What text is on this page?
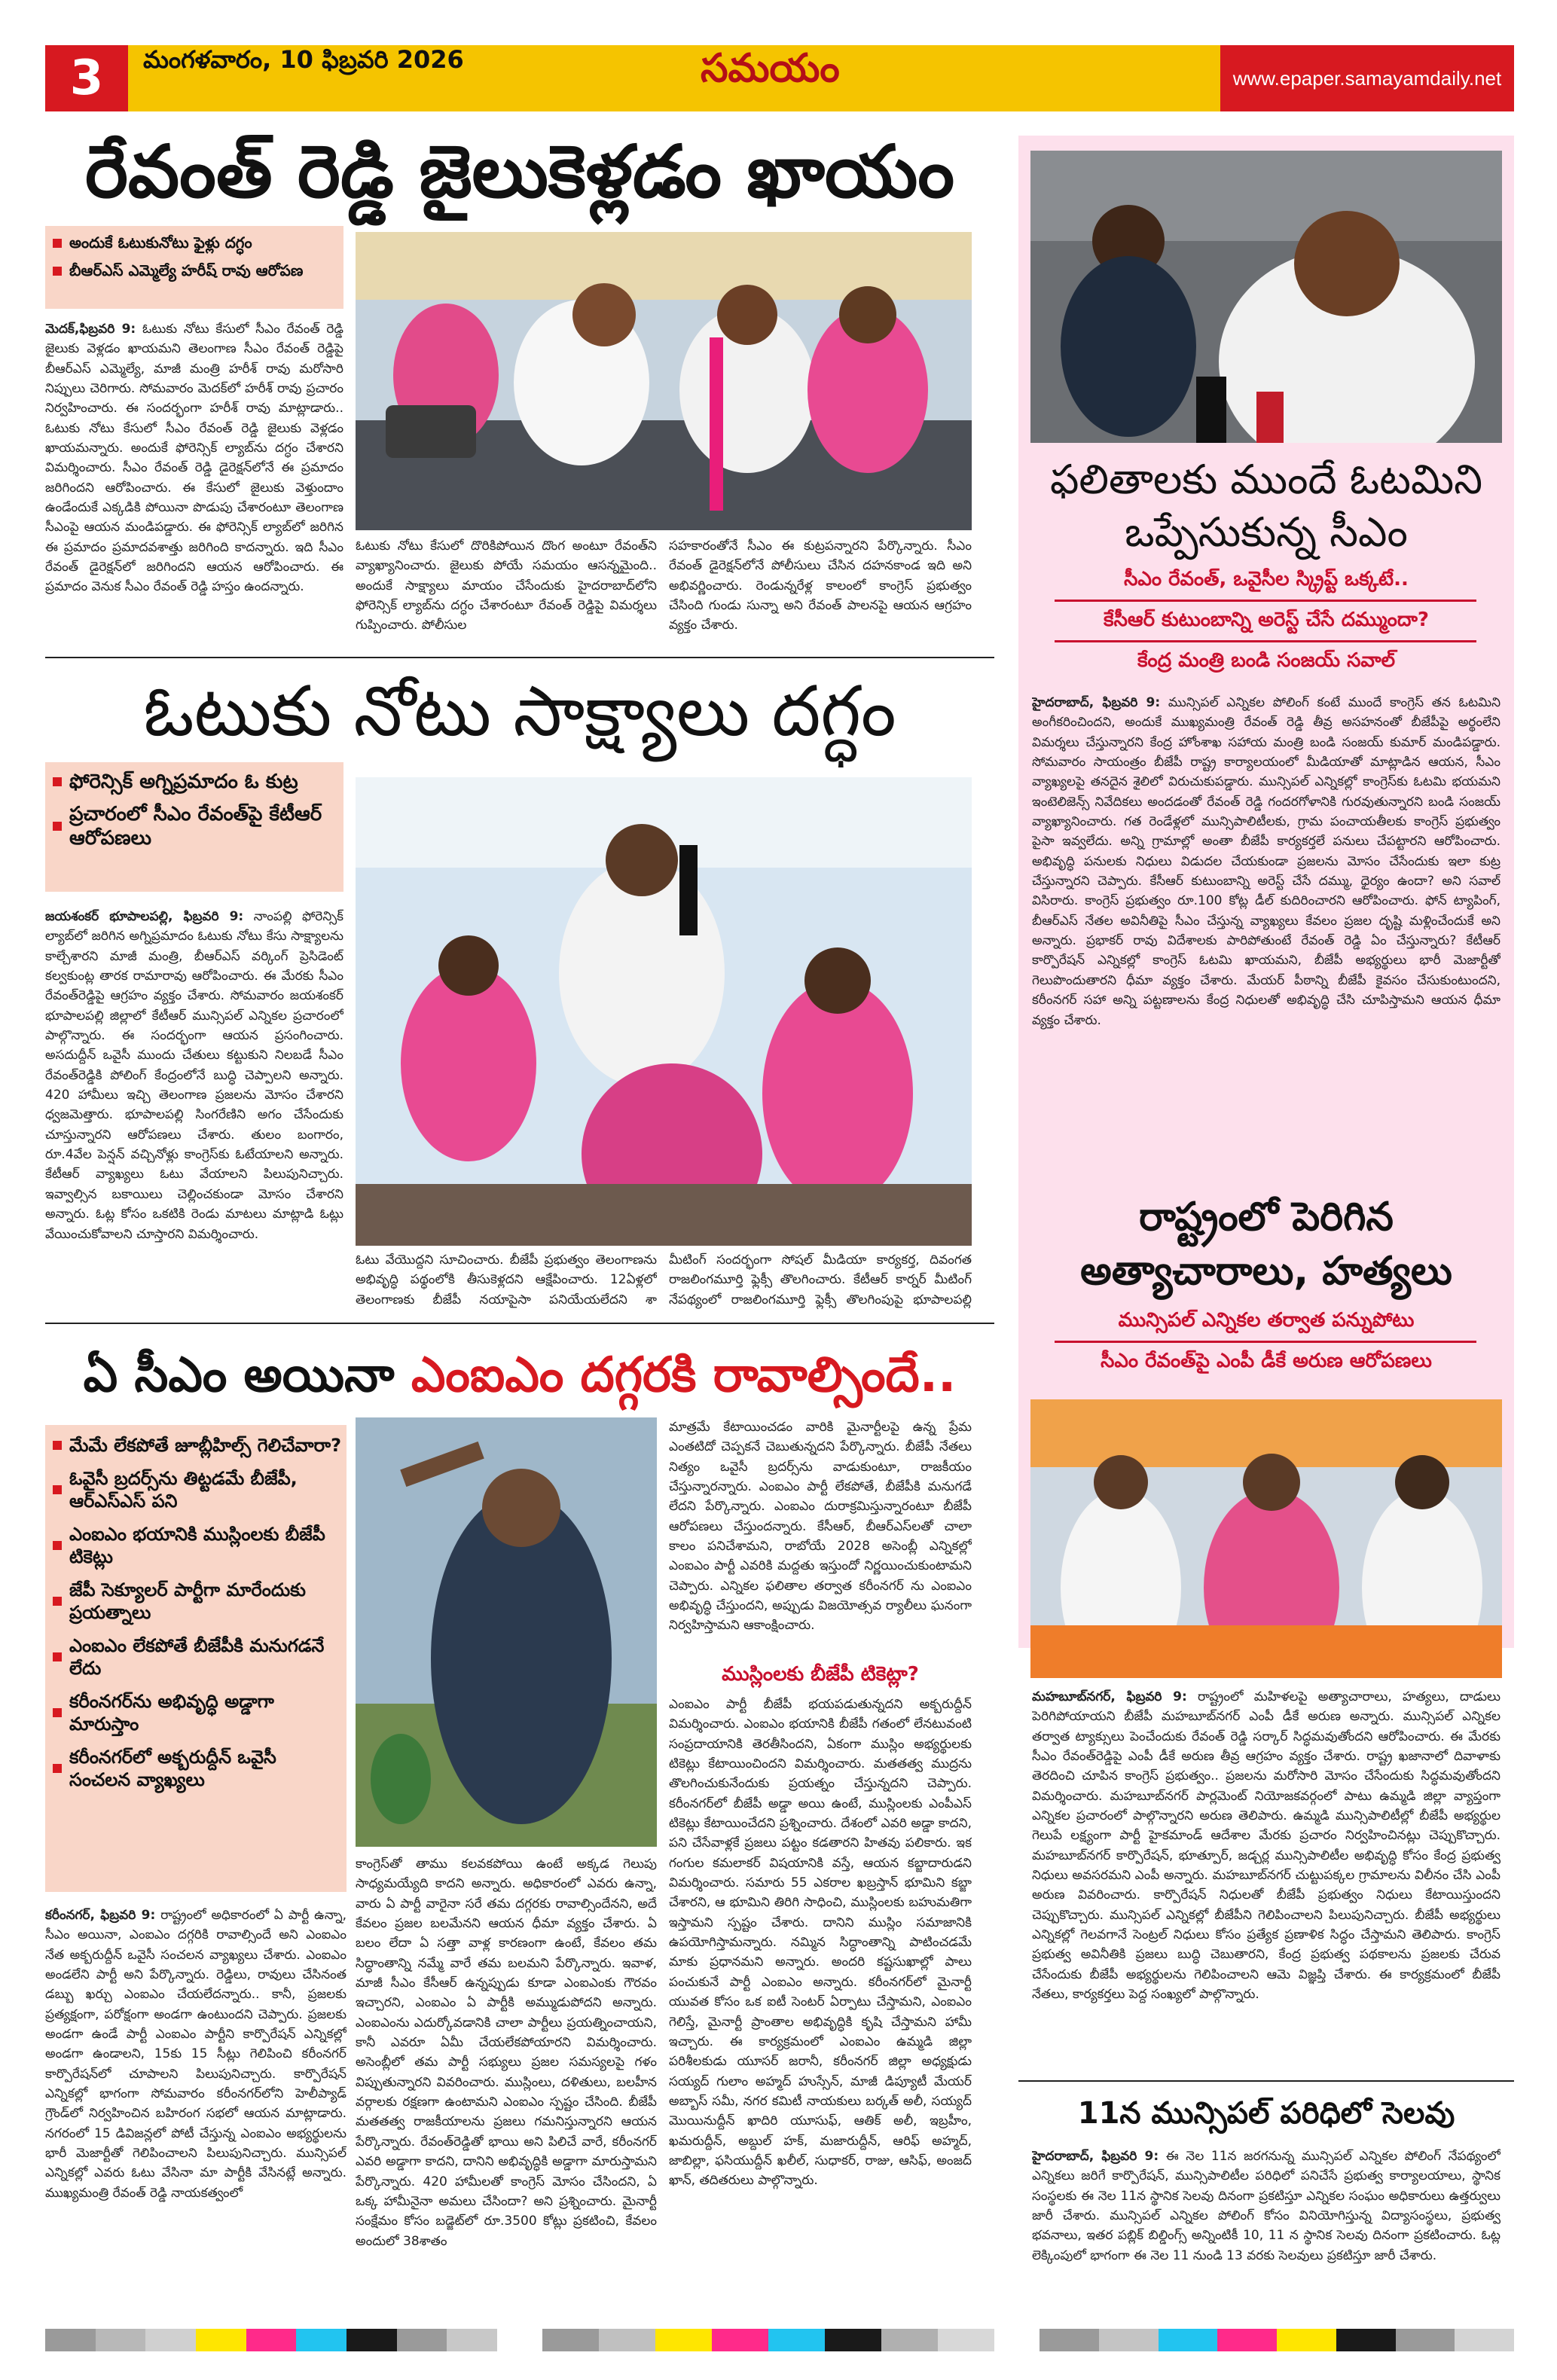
3	మంగళవారం, 10 ఫిబ్రవరి 2026	సమయం	www.epaper.samayamdaily.net
రేవంత్ రెడ్డి జైలుకెళ్లడం ఖాయం
అందుకే ఓటుకునోటు ఫైళ్లు దగ్ధం
బీఆర్ఎస్ ఎమ్మెల్యే హరీష్ రావు ఆరోపణ
మెదక్,ఫిబ్రవరి 9: ఓటుకు నోటు కేసులో సీఎం రేవంత్ రెడ్డి జైలుకు వెళ్లడం ఖాయమని తెలంగాణ సీఎం రేవంత్ రెడ్డిపై బీఆర్ఎస్ ఎమ్మెల్యే, మాజీ మంత్రి హరీశ్ రావు మరోసారి నిప్పులు చెరిగారు. సోమవారం మెదక్‌లో హరీశ్ రావు ప్రచారం నిర్వహించారు. ఈ సందర్భంగా హరీశ్ రావు మాట్లాడారు.. ఓటుకు నోటు కేసులో సీఎం రేవంత్ రెడ్డి జైలుకు వెళ్లడం ఖాయమన్నారు. అందుకే ఫోరెన్సిక్ ల్యాబ్‌ను దగ్ధం చేశారని విమర్శించారు. సీఎం రేవంత్ రెడ్డి డైరెక్షన్‌లోనే ఈ ప్రమాదం జరిగిందని ఆరోపించారు. ఈ కేసులో జైలుకు వెళ్తుందాం ఉండేందుకే ఎక్కడికి పోయినా పొడుపు చేశారంటూ తెలంగాణ సీఎంపై ఆయన మండిపడ్డారు. ఈ ఫోరెన్సిక్ ల్యాబ్‌లో జరిగిన ఈ ప్రమాదం ప్రమాదవశాత్తు జరిగింది కాదన్నారు. ఇది సీఎం రేవంత్ డైరెక్షన్‌లో జరిగిందని ఆయన ఆరోపించారు. ఈ ప్రమాదం వెనుక సీఎం రేవంత్ రెడ్డి హస్తం ఉందన్నారు.
ఓటుకు నోటు కేసులో దొరికిపోయిన దొంగ అంటూ రేవంత్‌ని వ్యాఖ్యానించారు. జైలుకు పోయే సమయం ఆసన్నమైంది.. అందుకే సాక్ష్యాలు మాయం చేసేందుకు హైదరాబాద్‌లోని ఫోరెన్సిక్ ల్యాబ్‌ను దగ్ధం చేశారంటూ రేవంత్ రెడ్డిపై విమర్శలు గుప్పించారు. పోలీసుల
సహకారంతోనే సీఎం ఈ కుట్రపన్నారని పేర్కొన్నారు. సీఎం రేవంత్ డైరెక్షన్‌లోనే పోలీసులు చేసిన దహనకాండ ఇది అని అభివర్ణించారు. రెండున్నరేళ్ల కాలంలో కాంగ్రెస్ ప్రభుత్వం చేసింది గుండు సున్నా అని రేవంత్ పాలనపై ఆయన ఆగ్రహం వ్యక్తం చేశారు.
ఓటుకు నోటు సాక్ష్యాలు దగ్ధం
ఫోరెన్సిక్ అగ్నిప్రమాదం ఓ కుట్ర
ప్రచారంలో సీఎం రేవంత్‌పై కేటీఆర్ ఆరోపణలు
జయశంకర్ భూపాలపల్లి, ఫిబ్రవరి 9: నాంపల్లి ఫోరెన్సిక్ ల్యాబ్‌లో జరిగిన అగ్నిప్రమాదం ఓటుకు నోటు కేసు సాక్ష్యాలను కాల్చేశారని మాజీ మంత్రి, బీఆర్ఎస్ వర్కింగ్ ప్రెసిడెంట్ కల్వకుంట్ల తారక రామారావు ఆరోపించారు. ఈ మేరకు సీఎం రేవంత్‌రెడ్డిపై ఆగ్రహం వ్యక్తం చేశారు. సోమవారం జయశంకర్ భూపాలపల్లి జిల్లాలో కేటీఆర్ మున్సిపల్ ఎన్నికల ప్రచారంలో పాల్గొన్నారు. ఈ సందర్భంగా ఆయన ప్రసంగించారు. అసదుద్దీన్ ఒవైసీ ముందు చేతులు కట్టుకుని నిలబడే సీఎం రేవంత్‌రెడ్డికి పోలింగ్ కేంద్రంలోనే బుద్ధి చెప్పాలని అన్నారు. 420 హామీలు ఇచ్చి తెలంగాణ ప్రజలను మోసం చేశారని ధ్వజమెత్తారు. భూపాలపల్లి సింగరేణిని అగం చేసేందుకు చూస్తున్నారని ఆరోపణలు చేశారు. తులం బంగారం, రూ.4వేల పెన్షన్ వచ్చినోళ్లు కాంగ్రెస్‌కు ఓటేయాలని అన్నారు. కేటీఆర్ వ్యాఖ్యలు ఓటు వేయాలని పిలుపునిచ్చారు. ఇవ్వాల్సిన బకాయిలు చెల్లించకుండా మోసం చేశారని అన్నారు. ఓట్ల కోసం ఒకటికి రెండు మాటలు మాట్లాడి ఓట్లు వేయించుకోవాలని చూస్తారని విమర్శించారు.
ఓటు వేయొద్దని సూచించారు. బీజేపీ ప్రభుత్వం తెలంగాణను అభివృద్ధి పథ్ధంలోకి తీసుకెళ్లదని ఆక్షేపించారు. 12ఏళ్లలో తెలంగాణకు బీజేపీ నయాపైసా పనియేయలేదని శా
మీటింగ్ సందర్భంగా సోషల్ మీడియా కార్యకర్త, దివంగత రాజలింగమూర్తి ఫ్లెక్సీ తొలగించారు. కేటీఆర్ కార్నర్ మీటింగ్ నేపథ్యంలో రాజలింగమూర్తి ఫ్లెక్సీ తొలగింపుపై భూపాలపల్లి
ఏ సీఎం అయినా ఎంఐఎం దగ్గరకి రావాల్సిందే..
మేమే లేకపోతే జూబ్లీహిల్స్ గెలిచేవారా?
ఓవైసీ బ్రదర్స్‌ను తిట్టడమే బీజేపీ, ఆర్ఎస్ఎస్ పని
ఎంఐఎం భయానికి ముస్లింలకు బీజేపీ టికెట్లు
జేపీ సెక్యూలర్ పార్టీగా మారేందుకు ప్రయత్నాలు
ఎంఐఎం లేకపోతే బీజేపీకి మనుగడనే లేదు
కరీంనగర్‌ను అభివృద్ధి అడ్డాగా మారుస్తాం
కరీంనగర్‌లో అక్బరుద్దీన్ ఒవైసీ సంచలన వ్యాఖ్యలు
కరీంనగర్, ఫిబ్రవరి 9: రాష్ట్రంలో అధికారంలో ఏ పార్టీ ఉన్నా, సీఎం అయినా, ఎంఐఎం దగ్గరికి రావాల్సిందే అని ఎంఐఎం నేత అక్బరుద్దీన్ ఒవైసీ సంచలన వ్యాఖ్యలు చేశారు. ఎంఐఎం అండలేని పార్టీ అని పేర్కొన్నారు. రెడ్డిలు, రావులు చేసినంత డబ్బు ఖర్చు ఎంఐఎం చేయలేదన్నారు.. కానీ, ప్రజలకు ప్రత్యక్షంగా, పరోక్షంగా అండగా ఉంటుందని చెప్పారు. ప్రజలకు అండగా ఉండే పార్టీ ఎంఐఎం పార్టీని కార్పొరేషన్ ఎన్నికల్లో అండగా ఉండాలని, 15కు 15 సీట్లు గెలిపించి కరీంనగర్ కార్పొరేషన్‌లో చూపాలని పిలుపునిచ్చారు. కార్పొరేషన్ ఎన్నికల్లో భాగంగా సోమవారం కరీంనగర్‌లోని హెలీప్యాడ్ గ్రౌండ్‌లో నిర్వహించిన బహిరంగ సభలో ఆయన మాట్లాడారు. నగరంలో 15 డివిజన్లలో పోటీ చేస్తున్న ఎంఐఎం అభ్యర్థులను భారీ మెజార్టీతో గెలిపించాలని పిలుపునిచ్చారు. మున్సిపల్ ఎన్నికల్లో ఎవరు ఓటు వేసినా మా పార్టీకి వేసినట్లే అన్నారు. ముఖ్యమంత్రి రేవంత్ రెడ్డి నాయకత్వంలో
కాంగ్రెస్‌తో తాము కలవకపోయి ఉంటే అక్కడ గెలుపు సాధ్యమయ్యేది కాదని అన్నారు. అధికారంలో ఎవరు ఉన్నా, వారు ఏ పార్టీ వారైనా సరే తమ దగ్గరకు రావాల్సిందేనని, అదే కేవలం ప్రజల బలమేనని ఆయన ధీమా వ్యక్తం చేశారు. ఏ బలం లేదా ఏ సత్తా వాళ్ల కారణంగా ఉంటే, కేవలం తమ సిద్ధాంతాన్ని నమ్మే వారే తమ బలమని పేర్కొన్నారు. ఇవాళ, మాజీ సీఎం కేసీఆర్ ఉన్నప్పుడు కూడా ఎంఐఎంకు గౌరవం ఇచ్చారని, ఎంఐఎం ఏ పార్టీకి అమ్ముడుపోదని అన్నారు. ఎంఐఎంను ఎదుర్కోవడానికి చాలా పార్టీలు ప్రయత్నించాయని, కానీ ఎవరూ ఏమీ చేయలేకపోయారని విమర్శించారు. అసెంబ్లీలో తమ పార్టీ సభ్యులు ప్రజల సమస్యలపై గళం విప్పుతున్నారని వివరించారు. ముస్లింలు, దళితులు, బలహీన వర్గాలకు రక్షణగా ఉంటామని ఎంఐఎం స్పష్టం చేసింది. బీజేపీ మతతత్వ రాజకీయాలను ప్రజలు గమనిస్తున్నారని ఆయన పేర్కొన్నారు. రేవంత్‌రెడ్డితో భాయి అని పిలిచే వారే, కరీంనగర్ ఎవరి అడ్డాగా కాదని, దానిని అభివృద్ధికి అడ్డాగా మారుస్తామని పేర్కొన్నారు. 420 హామీలతో కాంగ్రెస్ మోసం చేసిందని, ఏ ఒక్క హామీనైనా అమలు చేసిందా? అని ప్రశ్నించారు. మైనార్టీ సంక్షేమం కోసం బడ్జెట్‌లో రూ.3500 కోట్లు ప్రకటించి, కేవలం అందులో 38శాతం
మాత్రమే కేటాయించడం వారికి మైనార్టీలపై ఉన్న ప్రేమ ఎంతటిదో చెప్పకనే చెబుతున్నదని పేర్కొన్నారు. బీజేపీ నేతలు నిత్యం ఒవైసీ బ్రదర్స్‌ను వాడుకుంటూ, రాజకీయం చేస్తున్నారన్నారు. ఎంఐఎం పార్టీ లేకపోతే, బీజేపీకి మనుగడే లేదని పేర్కొన్నారు. ఎంఐఎం దురాక్రమిస్తున్నారంటూ బీజేపీ ఆరోపణలు చేస్తుందన్నారు. కేసీఆర్, బీఆర్ఎస్‌లతో చాలా కాలం పనిచేశామని, రాబోయే 2028 అసెంబ్లీ ఎన్నికల్లో ఎంఐఎం పార్టీ ఎవరికి మద్దతు ఇస్తుందో నిర్ణయించుకుంటామని చెప్పారు. ఎన్నికల ఫలితాల తర్వాత కరీంనగర్ ను ఎంఐఎం అభివృద్ధి చేస్తుందని, అప్పుడు విజయోత్సవ ర్యాలీలు ఘనంగా నిర్వహిస్తామని ఆకాంక్షించారు.
ముస్లింలకు బీజేపీ టికెట్లా?
ఎంఐఎం పార్టీ బీజేపీ భయపడుతున్నదని అక్బరుద్దీన్ విమర్శించారు. ఎంఐఎం భయానికి బీజేపీ గతంలో లేనటువంటి సంప్రదాయానికి తెరతీసిందని, ఏకంగా ముస్లిం అభ్యర్థులకు టికెట్లు కేటాయించిందని విమర్శించారు. మతతత్వ ముద్రను తొలగించుకునేందుకు ప్రయత్నం చేస్తున్నదని చెప్పారు. కరీంనగర్‌లో బీజేపీ అడ్డా అయి ఉంటే, ముస్లింలకు ఎంపీఎస్ టికెట్లు కేటాయించేదని ప్రశ్నించారు. దేశంలో ఎవరి అడ్డా కాదని, పని చేసేవాళ్లకే ప్రజలు పట్టం కడతారని హితవు పలికారు. ఇక గంగుల కమలాకర్ విషయానికి వస్తే, ఆయన కబ్జాదారుడని విమర్శించారు. సమారు 55 ఎకరాల ఖబ్రస్తాన్ భూమిని కబ్జా చేశారని, ఆ భూమిని తిరిగి సాధించి, ముస్లింలకు బహుమతిగా ఇస్తామని స్పష్టం చేశారు. దానిని ముస్లిం సమాజానికి ఉపయోగిస్తామన్నారు. నమ్మిన సిద్ధాంతాన్ని పాటించడమే మాకు ప్రధానమని అన్నారు. అందరి కష్టసుఖాల్లో పాలు పంచుకునే పార్టీ ఎంఐఎం అన్నారు. కరీంనగర్‌లో మైనార్టీ యువత కోసం ఒక ఐటీ సెంటర్ ఏర్పాటు చేస్తామని, ఎంఐఎం గెలిస్తే, మైనార్టీ ప్రాంతాల అభివృద్ధికి కృషి చేస్తామని హామీ ఇచ్చారు. ఈ కార్యక్రమంలో ఎంఐఎం ఉమ్మడి జిల్లా పరిశీలకుడు యూసర్ జరానీ, కరీంనగర్ జిల్లా అధ్యక్షుడు సయ్యద్ గులాం అహ్మద్ హుస్సేన్, మాజీ డిప్యూటీ మేయర్ అబ్బాస్ సమీ, నగర కమిటీ నాయకులు బర్కత్ అలీ, సయ్యద్ మొయినుద్దీన్ ఖాదిరి యూసుఫ్, ఆతిక్ అలీ, ఇబ్రహీం, ఖమరుద్దీన్, అబ్దుల్ హక్, మజారుద్దీన్, ఆరిఫ్ అహ్మద్, జాబిల్లా, ఫసియుద్దీన్ ఖలీల్, సుధాకర్, రాజు, ఆసిఫ్, అంజద్ ఖాన్, తదితరులు పాల్గొన్నారు.
ఫలితాలకు ముందే ఓటమిని ఒప్పేసుకున్న సీఎం
సీఎం రేవంత్, ఒవైసీల స్క్రిప్ట్ ఒక్కటే..
కేసీఆర్ కుటుంబాన్ని అరెస్ట్ చేసే దమ్ముందా?
కేంద్ర మంత్రి బండి సంజయ్ సవాల్
హైదరాబాద్, ఫిబ్రవరి 9: మున్సిపల్ ఎన్నికల పోలింగ్ కంటే ముందే కాంగ్రెస్ తన ఓటమిని అంగీకరించిందని, అందుకే ముఖ్యమంత్రి రేవంత్ రెడ్డి తీవ్ర అసహనంతో బీజేపీపై అర్థంలేని విమర్శలు చేస్తున్నారని కేంద్ర హోంశాఖ సహాయ మంత్రి బండి సంజయ్ కుమార్ మండిపడ్డారు. సోమవారం సాయంత్రం బీజేపీ రాష్ట్ర కార్యాలయంలో మీడియాతో మాట్లాడిన ఆయన, సీఎం వ్యాఖ్యలపై తనదైన శైలిలో విరుచుకుపడ్డారు. మున్సిపల్ ఎన్నికల్లో కాంగ్రెస్‌కు ఓటమి భయమని ఇంటెలిజెన్స్ నివేదికలు అందడంతో రేవంత్ రెడ్డి గందరగోళానికి గురవుతున్నారని బండి సంజయ్ వ్యాఖ్యానించారు. గత రెండేళ్లలో మున్సిపాలిటీలకు, గ్రామ పంచాయతీలకు కాంగ్రెస్ ప్రభుత్వం పైసా ఇవ్వలేదు. అన్ని గ్రామాల్లో అంతా బీజేపీ కార్యకర్తలే పనులు చేపట్టారని ఆరోపించారు. అభివృద్ధి పనులకు నిధులు విడుదల చేయకుండా ప్రజలను మోసం చేసేందుకు ఇలా కుట్ర చేస్తున్నారని చెప్పారు. కేసీఆర్ కుటుంబాన్ని అరెస్ట్ చేసే దమ్ము, ధైర్యం ఉందా? అని సవాల్ విసిరారు. కాంగ్రెస్ ప్రభుత్వం రూ.100 కోట్ల డీల్ కుదిరించారని ఆరోపించారు. ఫోన్ ట్యాపింగ్, బీఆర్ఎస్ నేతల అవినీతిపై సీఎం చేస్తున్న వ్యాఖ్యలు కేవలం ప్రజల దృష్టి మళ్లించేందుకే అని అన్నారు. ప్రభాకర్ రావు విదేశాలకు పారిపోతుంటే రేవంత్ రెడ్డి ఏం చేస్తున్నారు? కేటీఆర్ కార్పొరేషన్ ఎన్నికల్లో కాంగ్రెస్ ఓటమి ఖాయమని, బీజేపీ అభ్యర్థులు భారీ మెజార్టీతో గెలుపొందుతారని ధీమా వ్యక్తం చేశారు. మేయర్ పీఠాన్ని బీజేపీ కైవసం చేసుకుంటుందని, కరీంనగర్ సహా అన్ని పట్టణాలను కేంద్ర నిధులతో అభివృద్ధి చేసి చూపిస్తామని ఆయన ధీమా వ్యక్తం చేశారు.
రాష్ట్రంలో పెరిగిన అత్యాచారాలు, హత్యలు
మున్సిపల్ ఎన్నికల తర్వాత పన్నుపోటు
సీఎం రేవంత్‌పై ఎంపీ డీకే అరుణ ఆరోపణలు
మహబూబ్‌నగర్, ఫిబ్రవరి 9: రాష్ట్రంలో మహిళలపై అత్యాచారాలు, హత్యలు, దాడులు పెరిగిపోయాయని బీజేపీ మహబూబ్‌నగర్ ఎంపీ డీకే అరుణ అన్నారు. మున్సిపల్ ఎన్నికల తర్వాత ట్యాక్సులు పెంచేందుకు రేవంత్ రెడ్డి సర్కార్ సిద్ధమవుతోందని ఆరోపించారు. ఈ మేరకు సీఎం రేవంత్‌రెడ్డిపై ఎంపీ డీకే అరుణ తీవ్ర ఆగ్రహం వ్యక్తం చేశారు. రాష్ట్ర ఖజానాలో దివాళాకు తెరదించి చూపిన కాంగ్రెస్ ప్రభుత్వం.. ప్రజలను మరోసారి మోసం చేసేందుకు సిద్ధమవుతోందని విమర్శించారు. మహబూబ్‌నగర్ పార్లమెంట్ నియోజకవర్గంలో పాటు ఉమ్మడి జిల్లా వ్యాప్తంగా ఎన్నికల ప్రచారంలో పాల్గొన్నారని అరుణ తెలిపారు. ఉమ్మడి మున్సిపాలిటీల్లో బీజేపీ అభ్యర్థుల గెలుపే లక్ష్యంగా పార్టీ హైకమాండ్ ఆదేశాల మేరకు ప్రచారం నిర్వహించినట్లు చెప్పుకొచ్చారు. మహబూబ్‌నగర్ కార్పొరేషన్, భూత్పూర్, జడ్చర్ల మున్సిపాలిటీల అభివృద్ధి కోసం కేంద్ర ప్రభుత్వ నిధులు అవసరమని ఎంపీ అన్నారు. మహబూబ్‌నగర్ చుట్టుపక్కల గ్రామాలను విలీనం చేసి ఎంపీ అరుణ వివరించారు. కార్పొరేషన్ నిధులతో బీజేపీ ప్రభుత్వం నిధులు కేటాయిస్తుందని చెప్పుకొచ్చారు. మున్సిపల్ ఎన్నికల్లో బీజేపీని గెలిపించాలని పిలుపునిచ్చారు. బీజేపీ అభ్యర్థులు ఎన్నికల్లో గెలవగానే సెంట్రల్ నిధులు కోసం ప్రత్యేక ప్రణాళిక సిద్ధం చేస్తామని తెలిపారు. కాంగ్రెస్ ప్రభుత్వ అవినీతికి ప్రజలు బుద్ధి చెబుతారని, కేంద్ర ప్రభుత్వ పథకాలను ప్రజలకు చేరువ చేసేందుకు బీజేపీ అభ్యర్థులను గెలిపించాలని ఆమె విజ్ఞప్తి చేశారు. ఈ కార్యక్రమంలో బీజేపీ నేతలు, కార్యకర్తలు పెద్ద సంఖ్యలో పాల్గొన్నారు.
11న మున్సిపల్ పరిధిలో సెలవు
హైదరాబాద్, ఫిబ్రవరి 9: ఈ నెల 11న జరగనున్న మున్సిపల్ ఎన్నికల పోలింగ్ నేపథ్యంలో ఎన్నికలు జరిగే కార్పొరేషన్, మున్సిపాలిటీల పరిధిలో పనిచేసే ప్రభుత్వ కార్యాలయాలు, స్థానిక సంస్థలకు ఈ నెల 11న స్థానిక సెలవు దినంగా ప్రకటిస్తూ ఎన్నికల సంఘం అధికారులు ఉత్తర్వులు జారీ చేశారు. మున్సిపల్ ఎన్నికల పోలింగ్ కోసం వినియోగిస్తున్న విద్యాసంస్థలు, ప్రభుత్వ భవనాలు, ఇతర పబ్లిక్ బిల్డింగ్స్ అన్నింటికీ 10, 11 న స్థానిక సెలవు దినంగా ప్రకటించారు. ఓట్ల లెక్కింపులో భాగంగా ఈ నెల 11 నుండి 13 వరకు సెలవులు ప్రకటిస్తూ జారీ చేశారు.
